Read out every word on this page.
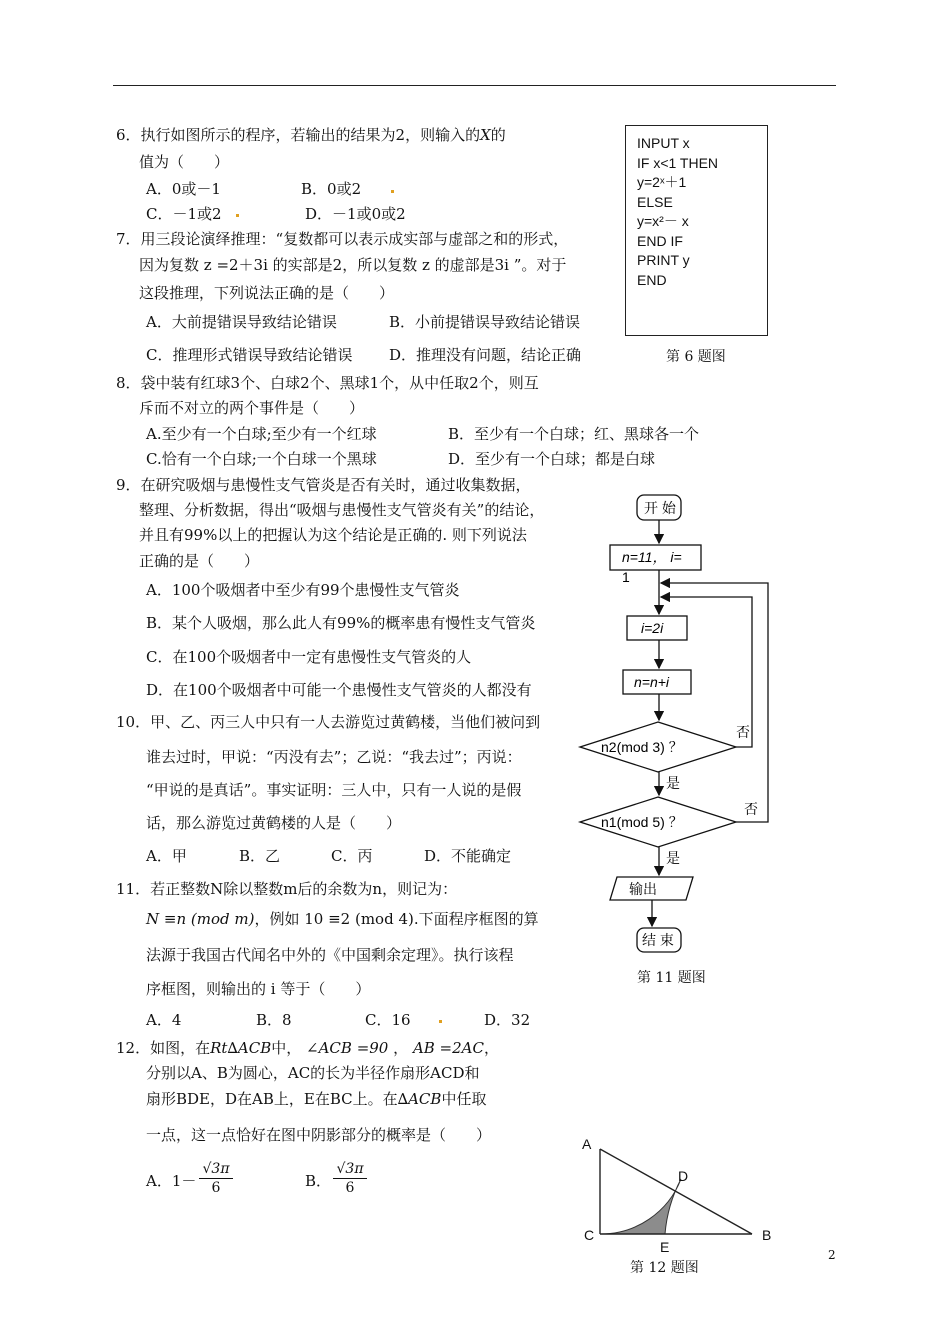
6．执行如图所示的程序，若输出的结果为2，则输入的X的
值为（　　）
A．0或－1	B．0或2
C．－1或2	D．－1或0或2
INPUT x
IF x<1 THEN
y=2ˣ＋1
ELSE
y=x²－ x
END IF
PRINT y
END
第 6 题图
7．用三段论演绎推理：“复数都可以表示成实部与虚部之和的形式，
因为复数 z =2＋3i 的实部是2，所以复数 z 的虚部是3i ”。对于
这段推理，下列说法正确的是（　　）
A．大前提错误导致结论错误	B．小前提错误导致结论错误
C．推理形式错误导致结论错误 D．推理没有问题，结论正确
8．袋中装有红球3个、白球2个、黑球1个，从中任取2个，则互
斥而不对立的两个事件是（　　）
A.至少有一个白球;至少有一个红球	B．至少有一个白球；红、黑球各一个
C.恰有一个白球;一个白球一个黑球	D．至少有一个白球；都是白球
9．在研究吸烟与患慢性支气管炎是否有关时，通过收集数据，
整理、分析数据，得出“吸烟与患慢性支气管炎有关”的结论，
并且有99%以上的把握认为这个结论是正确的. 则下列说法
正确的是（　　）
A．100个吸烟者中至少有99个患慢性支气管炎
B．某个人吸烟，那么此人有99%的概率患有慢性支气管炎
C．在100个吸烟者中一定有患慢性支气管炎的人
D．在100个吸烟者中可能一个患慢性支气管炎的人都没有
10．甲、乙、丙三人中只有一人去游览过黄鹤楼，当他们被问到
谁去过时，甲说：“丙没有去”；乙说：“我去过”；丙说：
“甲说的是真话”。事实证明：三人中，只有一人说的是假
话，那么游览过黄鹤楼的人是（　　）
A．甲	B．乙	C．丙	D．不能确定
11．若正整数N除以整数m后的余数为n，则记为：
N ≡n (mod m)，例如 10 ≡2 (mod 4).下面程序框图的算
法源于我国古代闻名中外的《中国剩余定理》。执行该程
序框图，则输出的 i 等于（　　）
A．4	B．8	C．16	D．32
开 始
n=11， i=
1
i=2i
n=n+i
n2(mod 3) ？
n1(mod 5) ？
否
否
是
是
输出
结 束
第 11 题图
12．如图，在Rt∆ACB中， ∠ACB =90 ， AB =2AC，
分别以A、B为圆心，AC的长为半径作扇形ACD和
扇形BDE，D在AB上，E在BC上。在∆ACB中任取
一点，这一点恰好在图中阴影部分的概率是（　　）
A．$1- \frac{√3\pi}{6}$	B． $\frac{√3\pi}{6}$
A
C
D
E
B
第 12 题图
2
